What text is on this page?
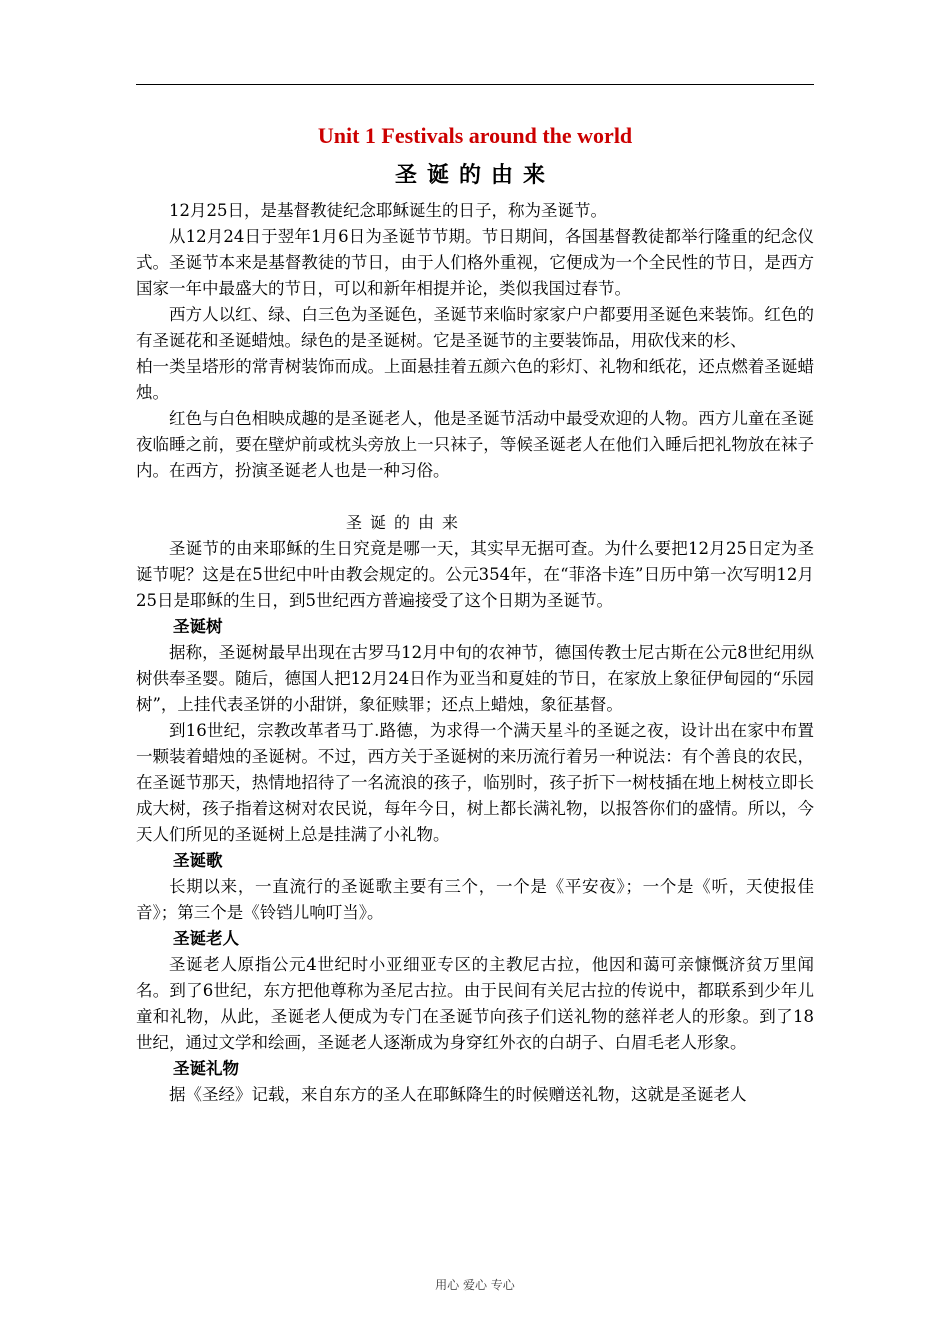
Unit 1 Festivals around the world
圣诞的由来

12月25日，是基督教徒纪念耶稣诞生的日子，称为圣诞节。

从12月24日于翌年1月6日为圣诞节节期。节日期间，各国基督教徒都举行隆重的纪念仪式。圣诞节本来是基督教徒的节日，由于人们格外重视，它便成为一个全民性的节日，是西方国家一年中最盛大的节日，可以和新年相提并论，类似我国过春节。

西方人以红、绿、白三色为圣诞色，圣诞节来临时家家户户都要用圣诞色来装饰。红色的有圣诞花和圣诞蜡烛。绿色的是圣诞树。它是圣诞节的主要装饰品，用砍伐来的杉、

柏一类呈塔形的常青树装饰而成。上面悬挂着五颜六色的彩灯、礼物和纸花，还点燃着圣诞蜡烛。

红色与白色相映成趣的是圣诞老人，他是圣诞节活动中最受欢迎的人物。西方儿童在圣诞夜临睡之前，要在壁炉前或枕头旁放上一只袜子，等候圣诞老人在他们入睡后把礼物放在袜子内。在西方，扮演圣诞老人也是一种习俗。

圣诞的由来

圣诞节的由来耶稣的生日究竟是哪一天，其实早无据可查。为什么要把12月25日定为圣诞节呢？这是在5世纪中叶由教会规定的。公元354年，在“菲洛卡连”日历中第一次写明12月25日是耶稣的生日，到5世纪西方普遍接受了这个日期为圣诞节。

圣诞树

据称，圣诞树最早出现在古罗马12月中旬的农神节，德国传教士尼古斯在公元8世纪用纵树供奉圣婴。随后，德国人把12月24日作为亚当和夏娃的节日，在家放上象征伊甸园的“乐园树”，上挂代表圣饼的小甜饼，象征赎罪；还点上蜡烛，象征基督。

到16世纪，宗教改革者马丁.路德，为求得一个满天星斗的圣诞之夜，设计出在家中布置一颗装着蜡烛的圣诞树。不过，西方关于圣诞树的来历流行着另一种说法：有个善良的农民，在圣诞节那天，热情地招待了一名流浪的孩子，临别时，孩子折下一树枝插在地上树枝立即长成大树，孩子指着这树对农民说，每年今日，树上都长满礼物，以报答你们的盛情。所以，今天人们所见的圣诞树上总是挂满了小礼物。

圣诞歌

长期以来，一直流行的圣诞歌主要有三个，一个是《平安夜》；一个是《听，天使报佳音》；第三个是《铃铛儿响叮当》。

圣诞老人

圣诞老人原指公元4世纪时小亚细亚专区的主教尼古拉，他因和蔼可亲慷慨济贫万里闻名。到了6世纪，东方把他尊称为圣尼古拉。由于民间有关尼古拉的传说中，都联系到少年儿童和礼物，从此，圣诞老人便成为专门在圣诞节向孩子们送礼物的慈祥老人的形象。到了18世纪，通过文学和绘画，圣诞老人逐渐成为身穿红外衣的白胡子、白眉毛老人形象。

圣诞礼物

据《圣经》记载，来自东方的圣人在耶稣降生的时候赠送礼物，这就是圣诞老人

用心 爱心 专心
